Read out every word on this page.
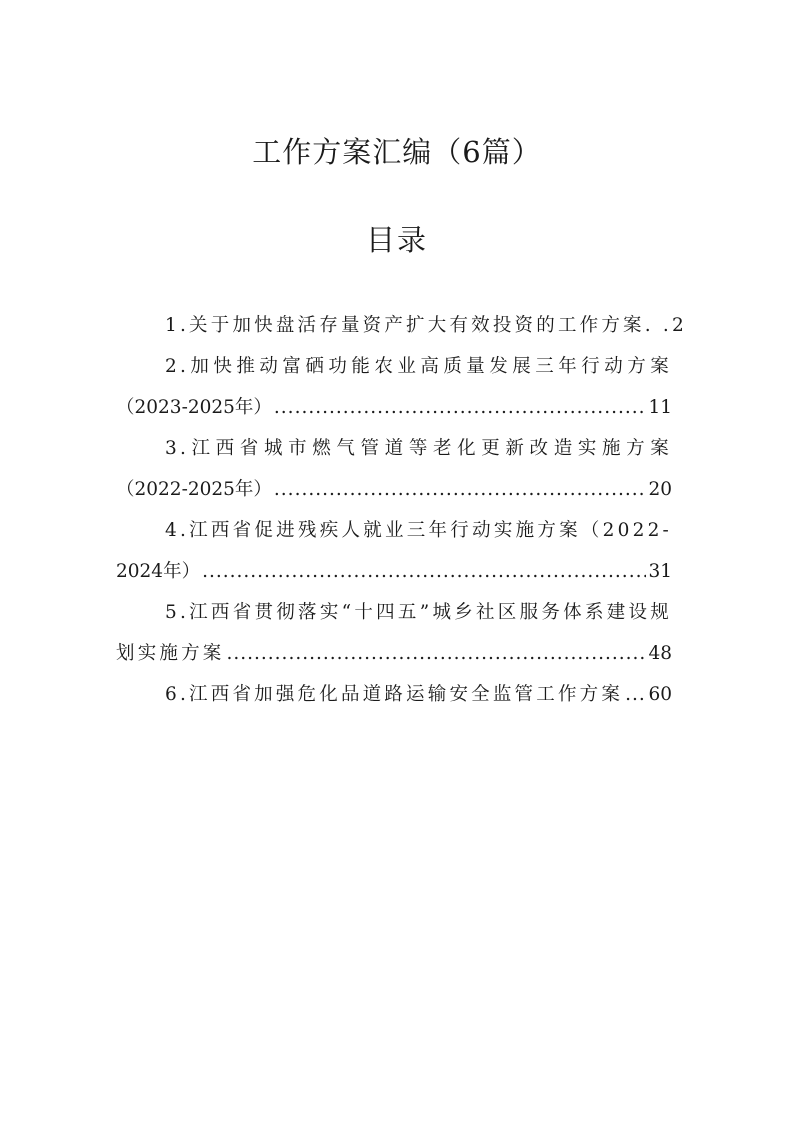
工作方案汇编（6篇）
目录
1.关于加快盘活存量资产扩大有效投资的工作方案. . 2
2.加快推动富硒功能农业高质量发展三年行动方案
（2023-2025年） .....	11
3.江西省城市燃气管道等老化更新改造实施方案
（2022-2025年） .....	20
4.江西省促进残疾人就业三年行动实施方案（2022-
2024年） .....	31
5.江西省贯彻落实“十四五”城乡社区服务体系建设规
划实施方案 .....	48
6.江西省加强危化品道路运输安全监管工作方案 ..... 60
